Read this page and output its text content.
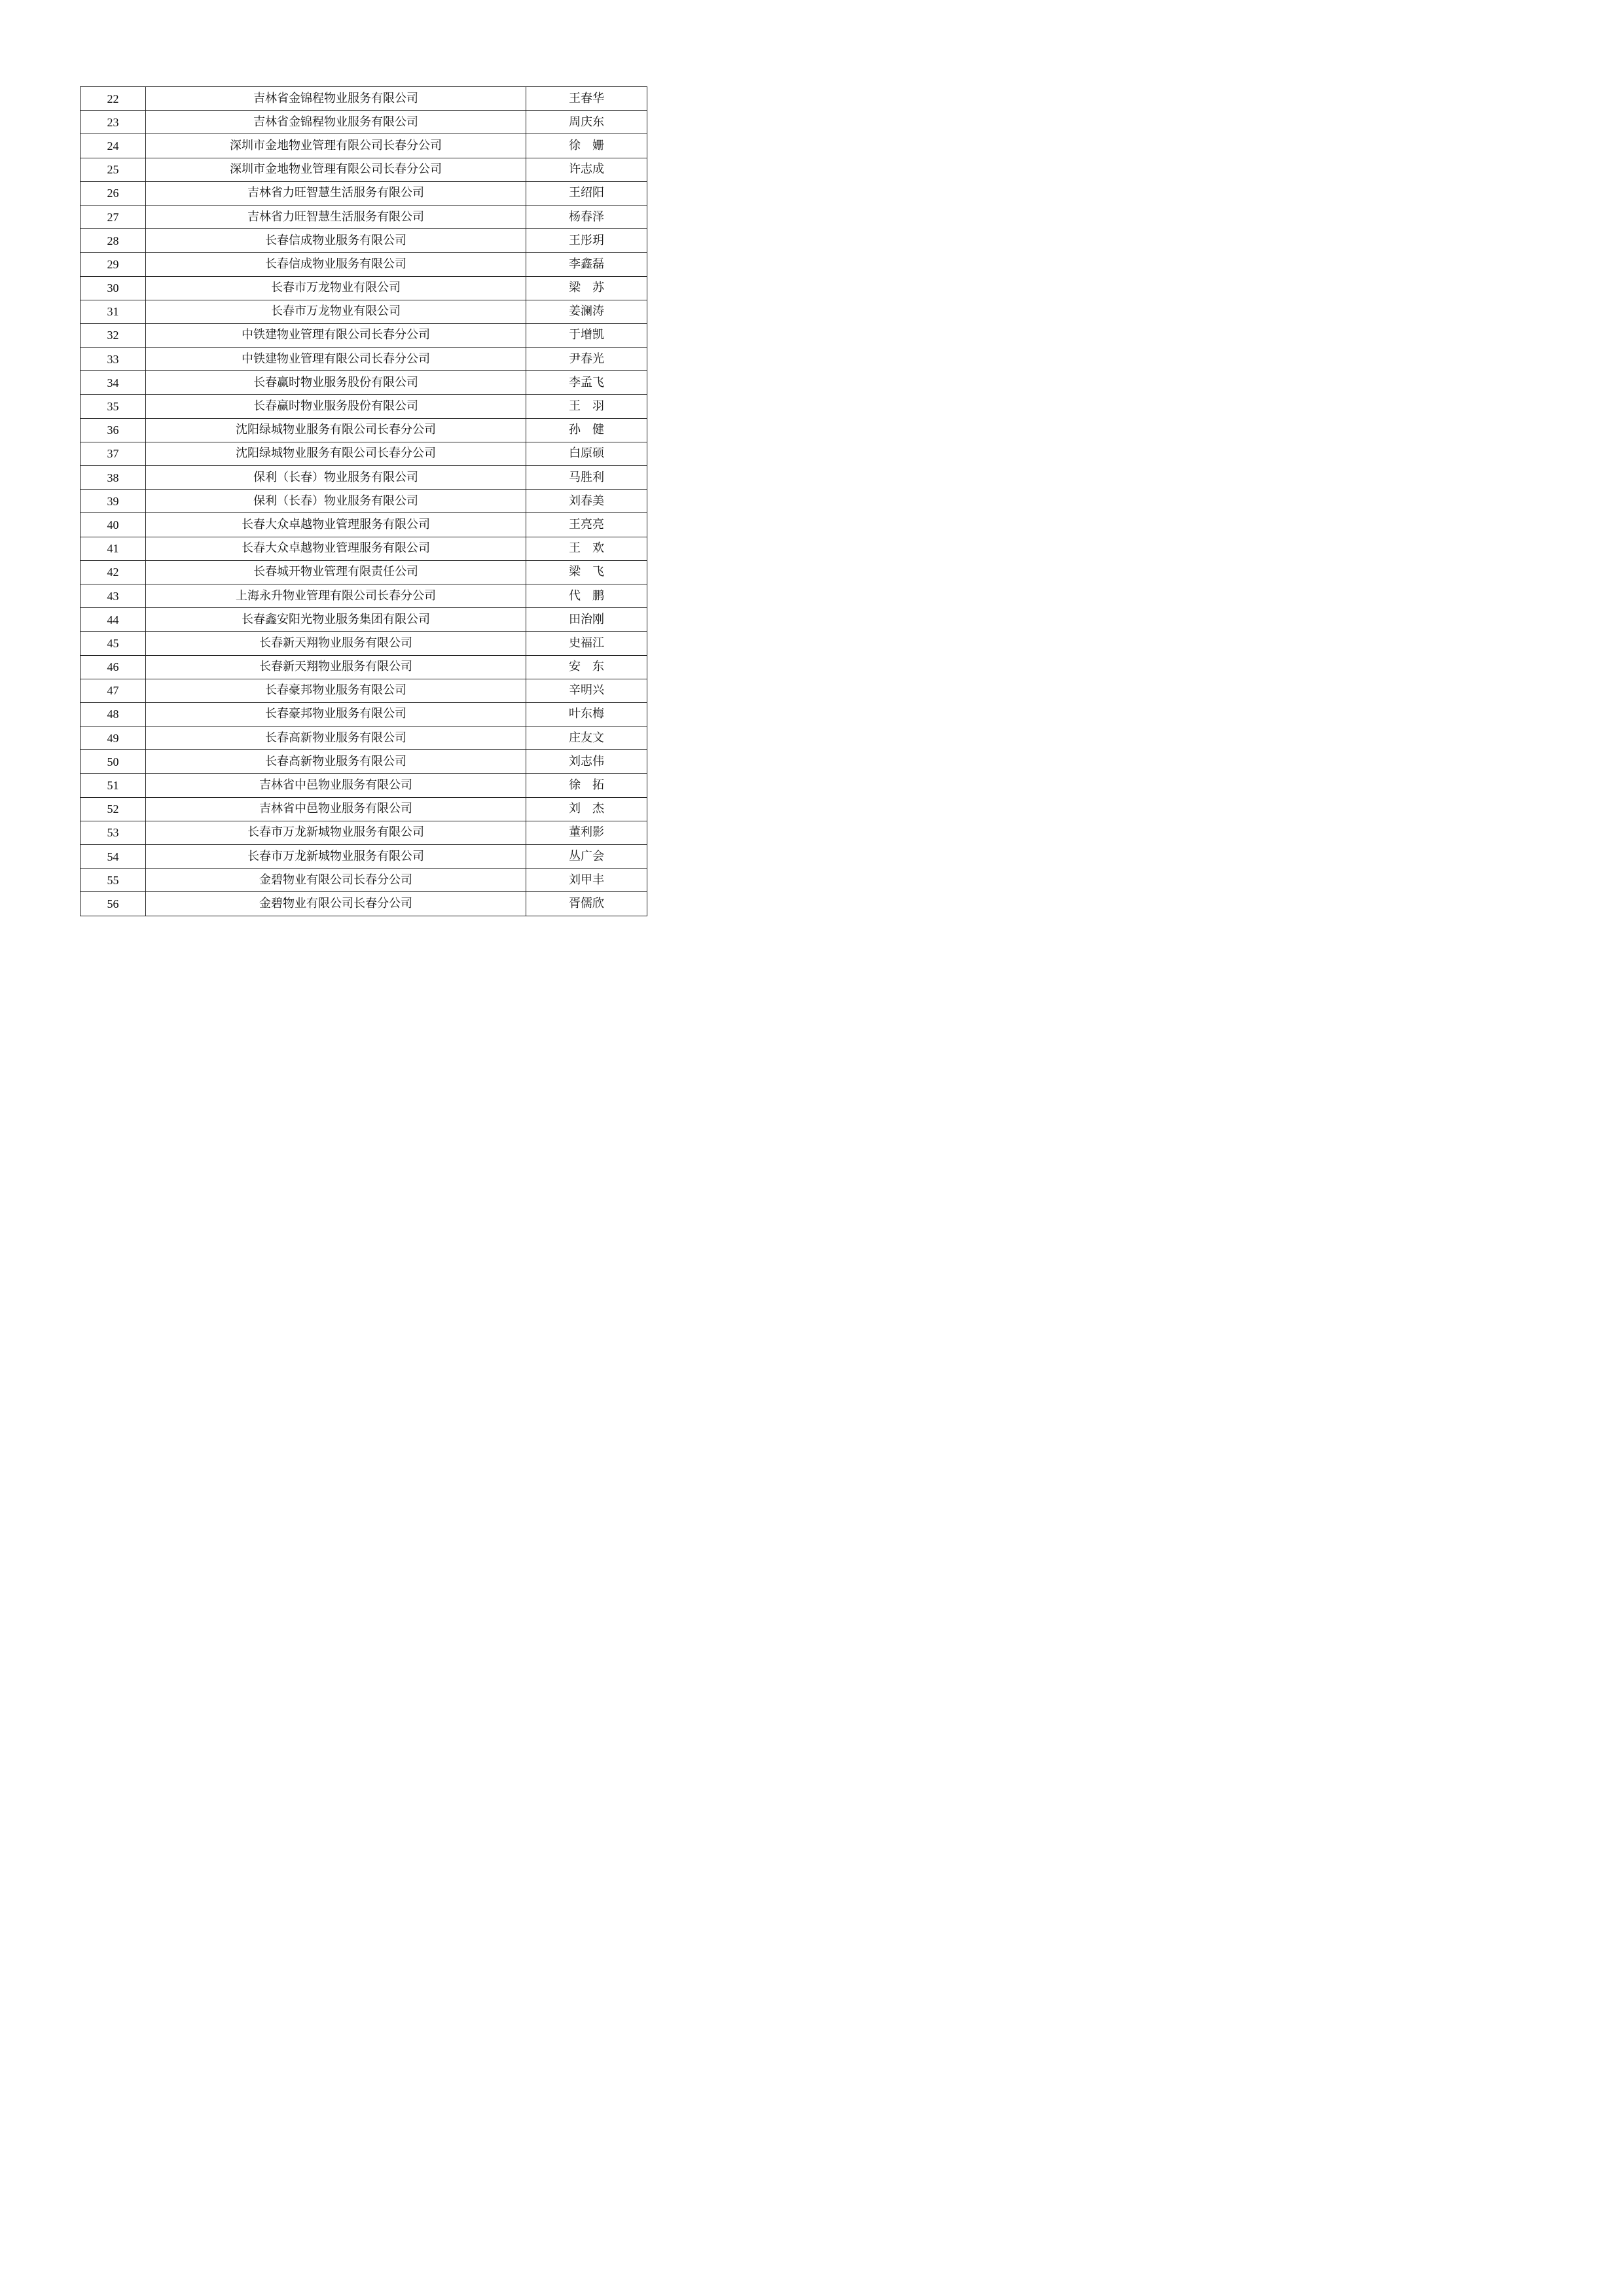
22	吉林省金锦程物业服务有限公司	王春华
23	吉林省金锦程物业服务有限公司	周庆东
24	深圳市金地物业管理有限公司长春分公司	徐　姗
25	深圳市金地物业管理有限公司长春分公司	许志成
26	吉林省力旺智慧生活服务有限公司	王绍阳
27	吉林省力旺智慧生活服务有限公司	杨春泽
28	长春信成物业服务有限公司	王彤玥
29	长春信成物业服务有限公司	李鑫磊
30	长春市万龙物业有限公司	梁　苏
31	长春市万龙物业有限公司	姜澜涛
32	中铁建物业管理有限公司长春分公司	于增凯
33	中铁建物业管理有限公司长春分公司	尹春光
34	长春赢时物业服务股份有限公司	李孟飞
35	长春赢时物业服务股份有限公司	王　羽
36	沈阳绿城物业服务有限公司长春分公司	孙　健
37	沈阳绿城物业服务有限公司长春分公司	白原硕
38	保利（长春）物业服务有限公司	马胜利
39	保利（长春）物业服务有限公司	刘春美
40	长春大众卓越物业管理服务有限公司	王亮亮
41	长春大众卓越物业管理服务有限公司	王　欢
42	长春城开物业管理有限责任公司	梁　飞
43	上海永升物业管理有限公司长春分公司	代　鹏
44	长春鑫安阳光物业服务集团有限公司	田治刚
45	长春新天翔物业服务有限公司	史福江
46	长春新天翔物业服务有限公司	安　东
47	长春豪邦物业服务有限公司	辛明兴
48	长春豪邦物业服务有限公司	叶东梅
49	长春高新物业服务有限公司	庄友文
50	长春高新物业服务有限公司	刘志伟
51	吉林省中邑物业服务有限公司	徐　拓
52	吉林省中邑物业服务有限公司	刘　杰
53	长春市万龙新城物业服务有限公司	董利影
54	长春市万龙新城物业服务有限公司	丛广会
55	金碧物业有限公司长春分公司	刘甲丰
56	金碧物业有限公司长春分公司	胥儒欣
